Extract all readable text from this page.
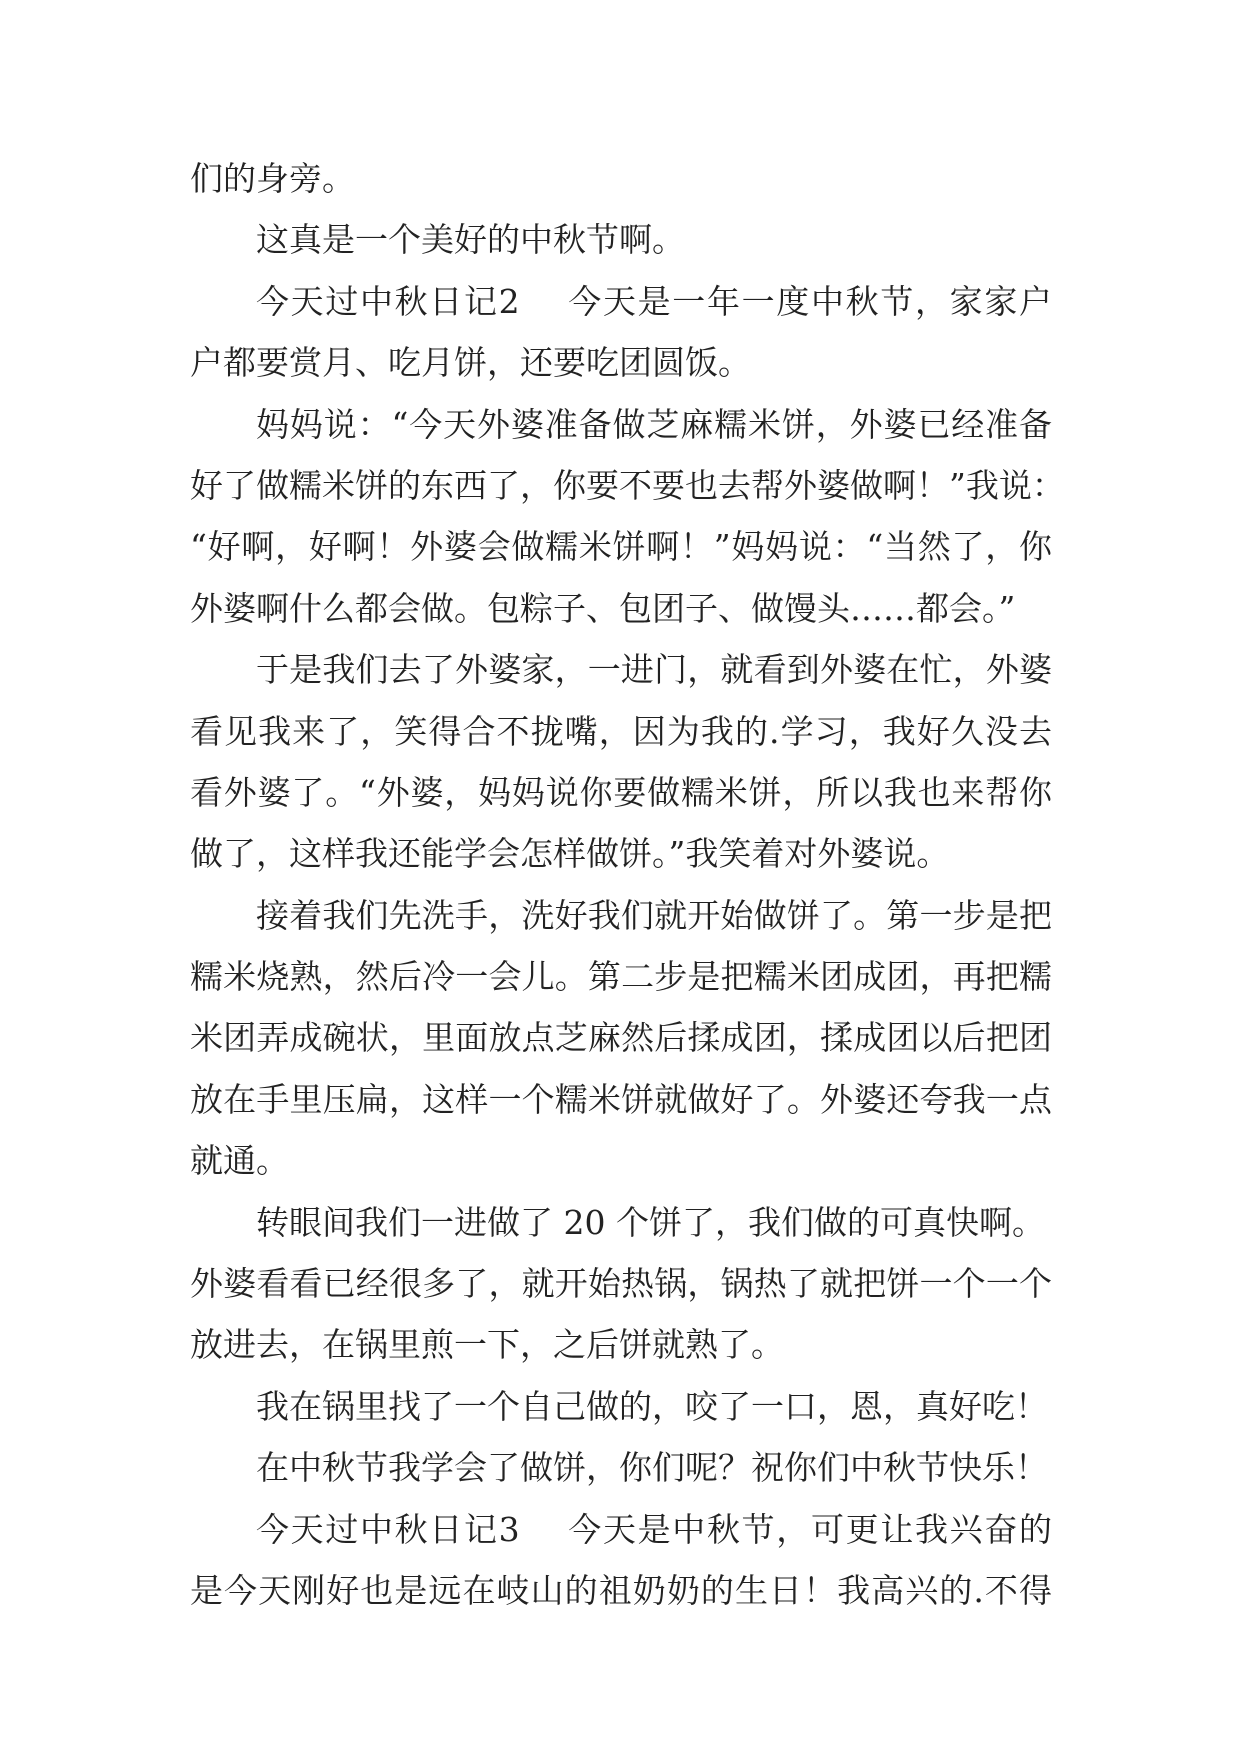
们的身旁。
这真是一个美好的中秋节啊。
今天过中秋日记2    今天是一年一度中秋节，家家户
户都要赏月、吃月饼，还要吃团圆饭。
妈妈说：“今天外婆准备做芝麻糯米饼，外婆已经准备
好了做糯米饼的东西了，你要不要也去帮外婆做啊！”我说：
“好啊，好啊！外婆会做糯米饼啊！”妈妈说：“当然了，你
外婆啊什么都会做。包粽子、包团子、做馒头……都会。”
于是我们去了外婆家，一进门，就看到外婆在忙，外婆
看见我来了，笑得合不拢嘴，因为我的.学习，我好久没去
看外婆了。“外婆，妈妈说你要做糯米饼，所以我也来帮你
做了，这样我还能学会怎样做饼。”我笑着对外婆说。
接着我们先洗手，洗好我们就开始做饼了。第一步是把
糯米烧熟，然后冷一会儿。第二步是把糯米团成团，再把糯
米团弄成碗状，里面放点芝麻然后揉成团，揉成团以后把团
放在手里压扁，这样一个糯米饼就做好了。外婆还夸我一点
就通。
转眼间我们一进做了 20 个饼了，我们做的可真快啊。
外婆看看已经很多了，就开始热锅，锅热了就把饼一个一个
放进去，在锅里煎一下，之后饼就熟了。
我在锅里找了一个自己做的，咬了一口，恩，真好吃！
在中秋节我学会了做饼，你们呢？祝你们中秋节快乐！
今天过中秋日记3    今天是中秋节，可更让我兴奋的
是今天刚好也是远在岐山的祖奶奶的生日！我高兴的.不得
